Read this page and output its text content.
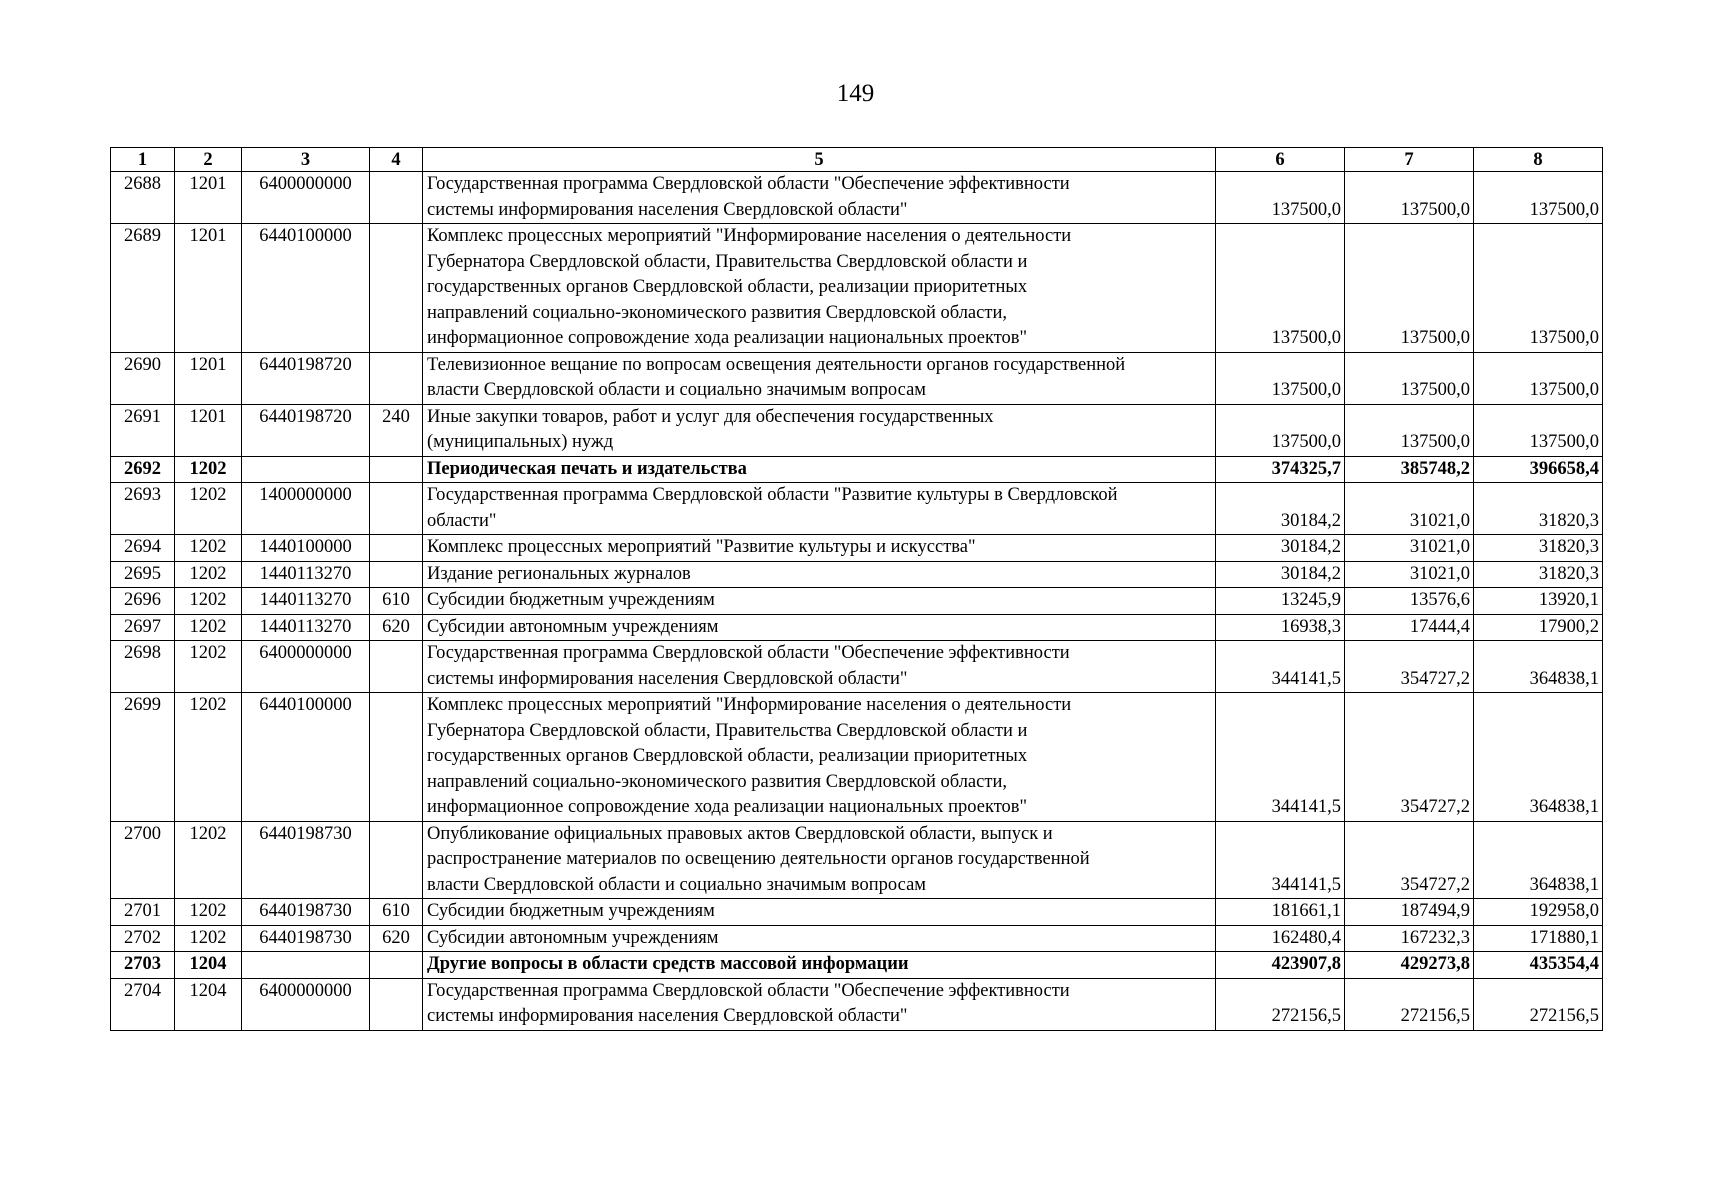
149
1	2	3	4	5	6	7	8
2688	1201	6400000000		Государственная программа Свердловской области "Обеспечение эффективности
системы информирования населения Свердловской области"	137500,0	137500,0	137500,0
2689	1201	6440100000		Комплекс процессных мероприятий "Информирование населения о деятельности
Губернатора Свердловской области, Правительства Свердловской области и
государственных органов Свердловской области, реализации приоритетных
направлений социально-экономического развития Свердловской области,
информационное сопровождение хода реализации национальных проектов"	137500,0	137500,0	137500,0
2690	1201	6440198720		Телевизионное вещание по вопросам освещения деятельности органов государственной
власти Свердловской области и социально значимым вопросам	137500,0	137500,0	137500,0
2691	1201	6440198720	240	Иные закупки товаров, работ и услуг для обеспечения государственных
(муниципальных) нужд	137500,0	137500,0	137500,0
2692	1202			Периодическая печать и издательства	374325,7	385748,2	396658,4
2693	1202	1400000000		Государственная программа Свердловской области "Развитие культуры в Свердловской
области"	30184,2	31021,0	31820,3
2694	1202	1440100000		Комплекс процессных мероприятий "Развитие культуры и искусства"	30184,2	31021,0	31820,3
2695	1202	1440113270		Издание региональных журналов	30184,2	31021,0	31820,3
2696	1202	1440113270	610	Субсидии бюджетным учреждениям	13245,9	13576,6	13920,1
2697	1202	1440113270	620	Субсидии автономным учреждениям	16938,3	17444,4	17900,2
2698	1202	6400000000		Государственная программа Свердловской области "Обеспечение эффективности
системы информирования населения Свердловской области"	344141,5	354727,2	364838,1
2699	1202	6440100000		Комплекс процессных мероприятий "Информирование населения о деятельности
Губернатора Свердловской области, Правительства Свердловской области и
государственных органов Свердловской области, реализации приоритетных
направлений социально-экономического развития Свердловской области,
информационное сопровождение хода реализации национальных проектов"	344141,5	354727,2	364838,1
2700	1202	6440198730		Опубликование официальных правовых актов Свердловской области, выпуск и
распространение материалов по освещению деятельности органов государственной
власти Свердловской области и социально значимым вопросам	344141,5	354727,2	364838,1
2701	1202	6440198730	610	Субсидии бюджетным учреждениям	181661,1	187494,9	192958,0
2702	1202	6440198730	620	Субсидии автономным учреждениям	162480,4	167232,3	171880,1
2703	1204			Другие вопросы в области средств массовой информации	423907,8	429273,8	435354,4
2704	1204	6400000000		Государственная программа Свердловской области "Обеспечение эффективности
системы информирования населения Свердловской области"	272156,5	272156,5	272156,5
